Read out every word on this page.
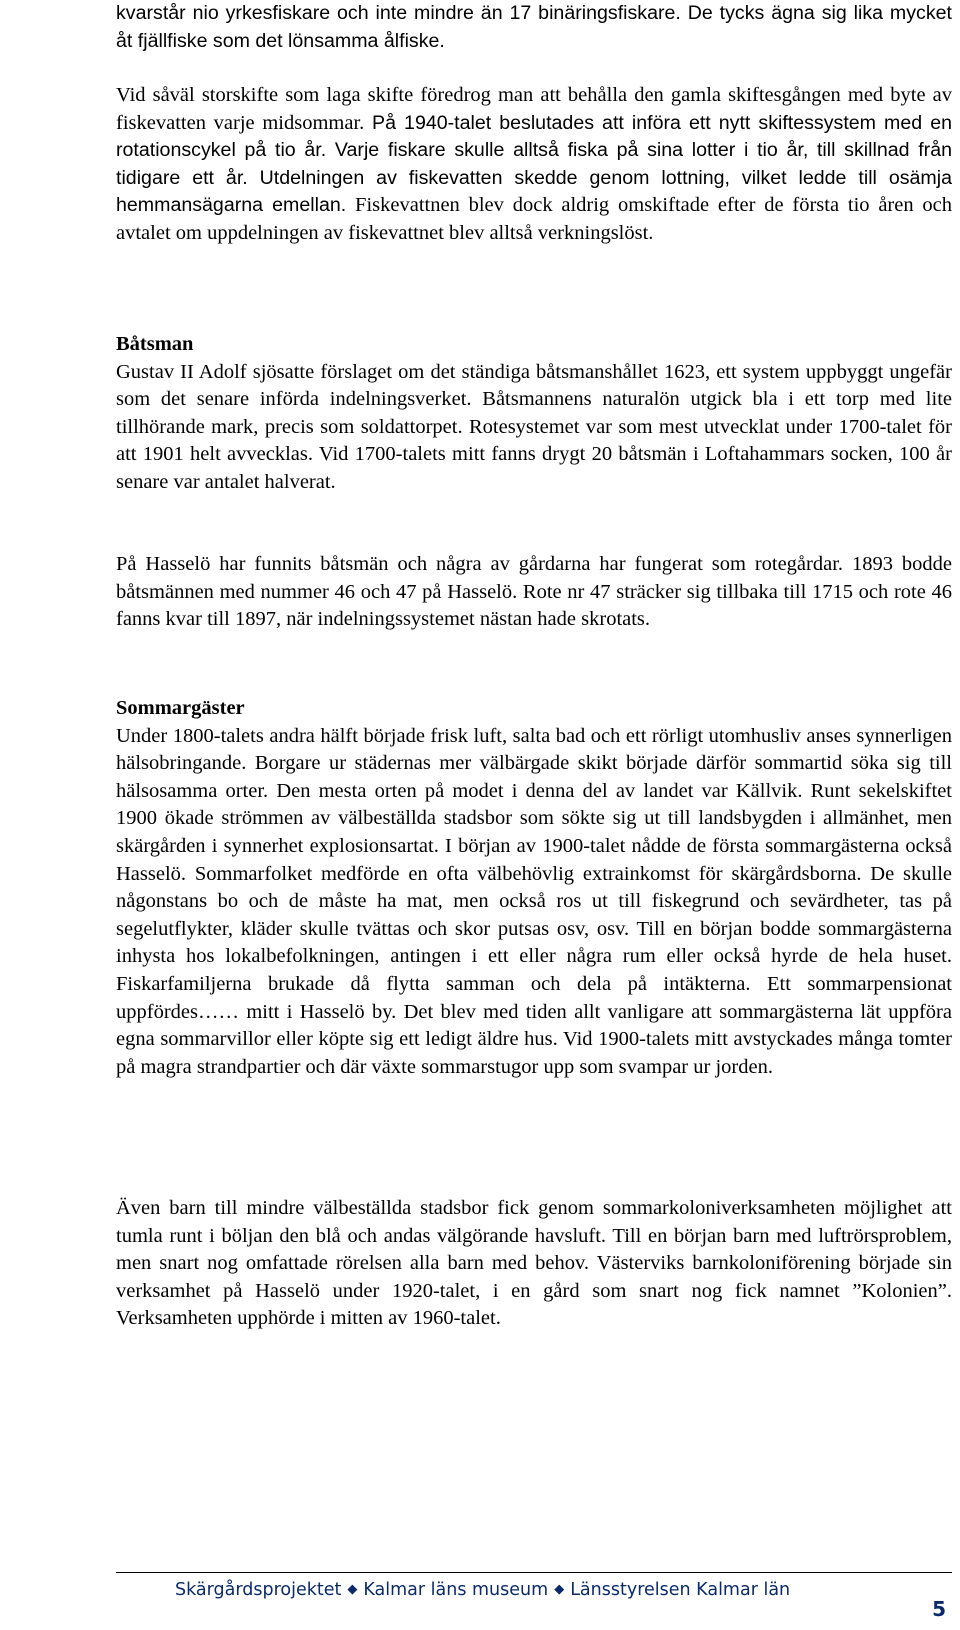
kvarstår nio yrkesfiskare och inte mindre än 17 binäringsfiskare. De tycks ägna sig lika mycket åt fjällfiske som det lönsamma ålfiske.

Vid såväl storskifte som laga skifte föredrog man att behålla den gamla skiftesgången med byte av fiskevatten varje midsommar. På 1940-talet beslutades att införa ett nytt skiftessystem med en rotationscykel på tio år. Varje fiskare skulle alltså fiska på sina lotter i tio år, till skillnad från tidigare ett år. Utdelningen av fiskevatten skedde genom lottning, vilket ledde till osämja hemmansägarna emellan. Fiskevattnen blev dock aldrig omskiftade efter de första tio åren och avtalet om uppdelningen av fiskevattnet blev alltså verkningslöst.

Båtsman

Gustav II Adolf sjösatte förslaget om det ständiga båtsmanshållet 1623, ett system uppbyggt ungefär som det senare införda indelningsverket. Båtsmannens naturalön utgick bla i ett torp med lite tillhörande mark, precis som soldattorpet. Rotesystemet var som mest utvecklat under 1700-talet för att 1901 helt avvecklas. Vid 1700-talets mitt fanns drygt 20 båtsmän i Loftahammars socken, 100 år senare var antalet halverat.

På Hasselö har funnits båtsmän och några av gårdarna har fungerat som rotegårdar. 1893 bodde båtsmännen med nummer 46 och 47 på Hasselö. Rote nr 47 sträcker sig tillbaka till 1715 och rote 46 fanns kvar till 1897, när indelningssystemet nästan hade skrotats.

Sommargäster

Under 1800-talets andra hälft började frisk luft, salta bad och ett rörligt utomhusliv anses synnerligen hälsobringande. Borgare ur städernas mer välbärgade skikt började därför sommartid söka sig till hälsosamma orter. Den mesta orten på modet i denna del av landet var Källvik. Runt sekelskiftet 1900 ökade strömmen av välbeställda stadsbor som sökte sig ut till landsbygden i allmänhet, men skärgården i synnerhet explosionsartat. I början av 1900-talet nådde de första sommargästerna också Hasselö. Sommarfolket medförde en ofta välbehövlig extrainkomst för skärgårdsborna. De skulle någonstans bo och de måste ha mat, men också ros ut till fiskegrund och sevärdheter, tas på segelutflykter, kläder skulle tvättas och skor putsas osv, osv. Till en början bodde sommargästerna inhysta hos lokalbefolkningen, antingen i ett eller några rum eller också hyrde de hela huset. Fiskarfamiljerna brukade då flytta samman och dela på intäkterna. Ett sommarpensionat uppfördes…… mitt i Hasselö by. Det blev med tiden allt vanligare att sommargästerna lät uppföra egna sommarvillor eller köpte sig ett ledigt äldre hus. Vid 1900-talets mitt avstyckades många tomter på magra strandpartier och där växte sommarstugor upp som svampar ur jorden.

Även barn till mindre välbeställda stadsbor fick genom sommarkoloniverksamheten möjlighet att tumla runt i böljan den blå och andas välgörande havsluft. Till en början barn med luftrörsproblem, men snart nog omfattade rörelsen alla barn med behov. Västerviks barnkoloniförening började sin verksamhet på Hasselö under 1920-talet, i en gård som snart nog fick namnet ”Kolonien”. Verksamheten upphörde i mitten av 1960-talet.

Skärgårdsprojektet ◆ Kalmar läns museum ◆ Länsstyrelsen Kalmar län
5
